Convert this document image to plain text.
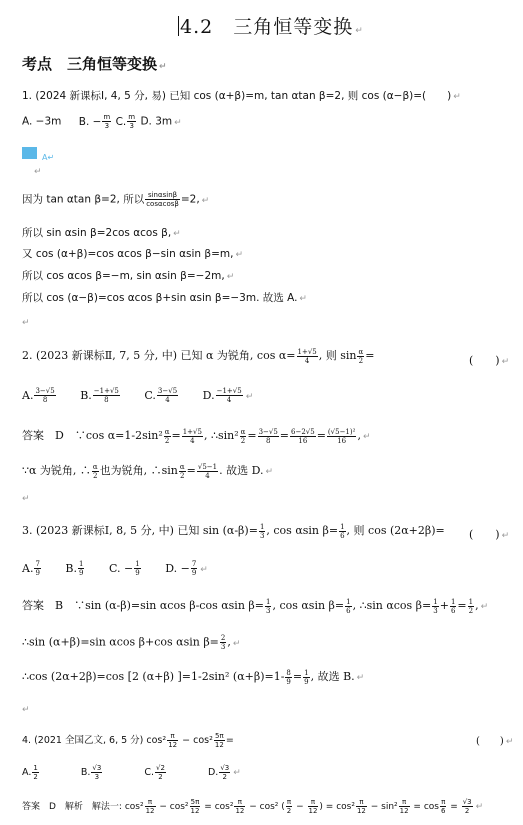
4.2　三角恒等变换 ↵
考点　三角恒等变换 ↵
1. (2024 新课标Ⅰ, 4, 5 分, 易) 已知 cos (α+β)=m, tan αtan β=2, 则 cos (α−β)=(　　) ↵
A. −3m B. − $\frac{m}{3} C$. $\frac{m}{3} D$. 3m ↵
A↵
↵
因为 tan αtan β=2, 所以 $\frac{\sin\alpha\sin\beta}{\cos\alpha\cos\beta} =2$, ↵
所以 sin αsin β=2cos αcos β, ↵
又 cos (α+β)=cos αcos β−sin αsin β=m, ↵
所以 cos αcos β=−m, sin αsin β=−2m, ↵
所以 cos (α−β)=cos αcos β+sin αsin β=−3m. 故选 A. ↵
↵
2. (2023 新课标Ⅱ, 7, 5 分, 中) 已知 α 为锐角, $\cos \alpha= \frac{1+√5}{4}$ , 则 $\sin \frac{\alpha}{2}$ =	(　　) ↵
A. $\frac{3-√5}{8} B$. $\frac{-1+√5}{8} C$. $\frac{3-√5}{4} D$. $\frac{-1+√5}{4}$ ↵
答案　D　∵cos $\alpha=1-2\sin^2 \frac{\alpha}{2} = \frac{1+√5}{4}$ , ∴sin² $\frac{\alpha}{2} = \frac{3-√5}{8} = \frac{6-2√5}{16} = \frac{\text{(√5−1)²}}{16}$ , ↵
∵α 为锐角, ∴ $\frac{\alpha}{2}$ 也为锐角, ∴sin $\frac{\alpha}{2} = \frac{√5-1}{4}$ . 故选 D. ↵
↵
3. (2023 新课标Ⅰ, 8, 5 分, 中) 已知 $\sin (\alpha-\beta)= \frac{1}{3}$ , cos αsin $\beta= \frac{1}{6}$ , 则 cos (2α+2β)= (　　) ↵
A. $\frac{7}{9} B$. $\frac{1}{9} C$. − $\frac{1}{9} D$. − $\frac{7}{9}$ ↵
答案　B　∵sin (α-β)=sin αcos β-cos αsin $\beta= \frac{1}{3}$ , cos αsin $\beta= \frac{1}{6}$ , ∴sin αcos $\beta= \frac{1}{3} + \frac{1}{6} = \frac{1}{2}$ , ↵
∴sin (α+β)=sin αcos β+cos αsin $\beta= \frac{2}{3}$ , ↵
∴cos (2α+2β)=cos [2 (α+β) ]=1-2sin² $(\alpha+\beta)=1- \frac{8}{9} = \frac{1}{9}$ , 故选 B. ↵
↵
4. (2021 全国乙文, 6, 5 分) $\cos^2 \frac{\pi}{12} - \cos^2 \frac{5\pi}{12}$ =	(　　) ↵
A. $\frac{1}{2}$	B. $\frac{√3}{3}$	C. $\frac{√2}{2}$	D. $\frac{√3}{2}$ ↵
答案　D　解析　解法一: $\cos^2 \frac{\pi}{12} - \cos^2 \frac{5\pi}{12} = \cos^2 \frac{\pi}{12} - \cos^2$ ( $\frac{\pi}{2} - \frac{\pi}{12}$ ) = $\cos^2 \frac{\pi}{12} - \sin^2 \frac{\pi}{12} = \cos \frac{\pi}{6} = \frac{√3}{2}$ ↵
